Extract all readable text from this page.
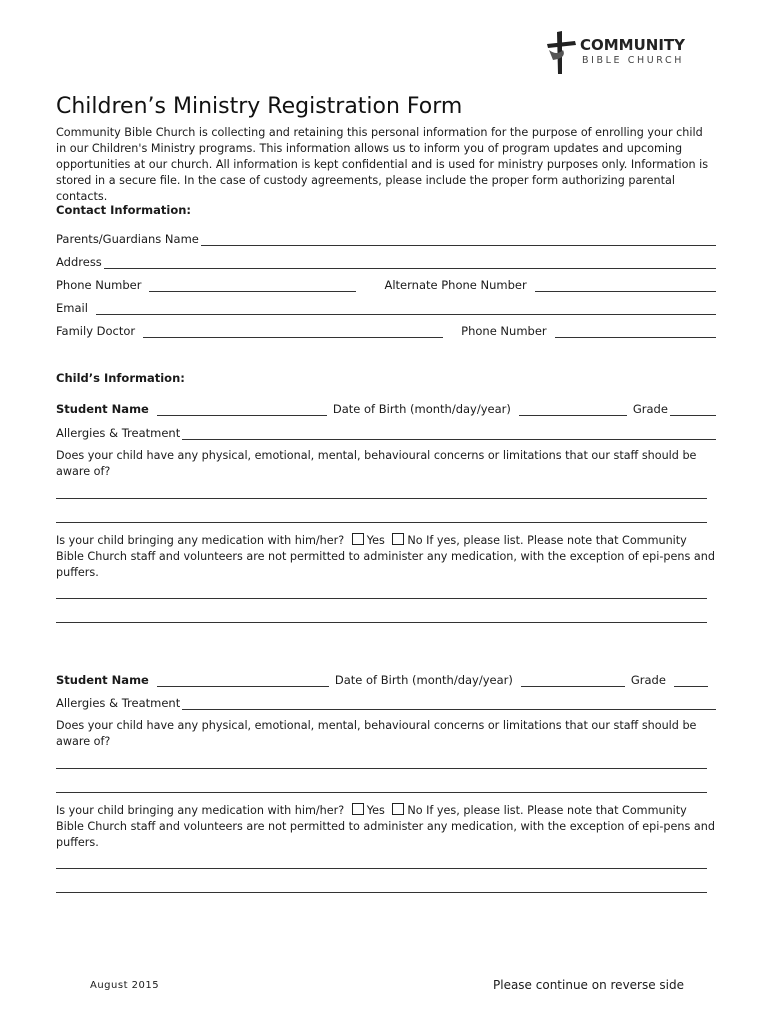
COMMUNITY
BIBLE CHURCH
Children’s Ministry Registration Form
Community Bible Church is collecting and retaining this personal information for the purpose of enrolling your child in our Children's Ministry programs. This information allows us to inform you of program updates and upcoming opportunities at our church. All information is kept confidential and is used for ministry purposes only. Information is stored in a secure file. In the case of custody agreements, please include the proper form authorizing parental contacts.
Contact Information:
Parents/Guardians Name
Address
Phone Number	Alternate Phone Number
Email
Family Doctor	Phone Number
Child’s Information:
Student Name	Date of Birth (month/day/year)	Grade
Allergies & Treatment
Does your child have any physical, emotional, mental, behavioural concerns or limitations that our staff should be aware of?
Is your child bringing any medication with him/her? Yes No If yes, please list. Please note that Community Bible Church staff and volunteers are not permitted to administer any medication, with the exception of epi-pens and puffers.
Student Name	Date of Birth (month/day/year)	Grade
Allergies & Treatment
Does your child have any physical, emotional, mental, behavioural concerns or limitations that our staff should be aware of?
Is your child bringing any medication with him/her? Yes No If yes, please list. Please note that Community Bible Church staff and volunteers are not permitted to administer any medication, with the exception of epi-pens and puffers.
August 2015	Please continue on reverse side
